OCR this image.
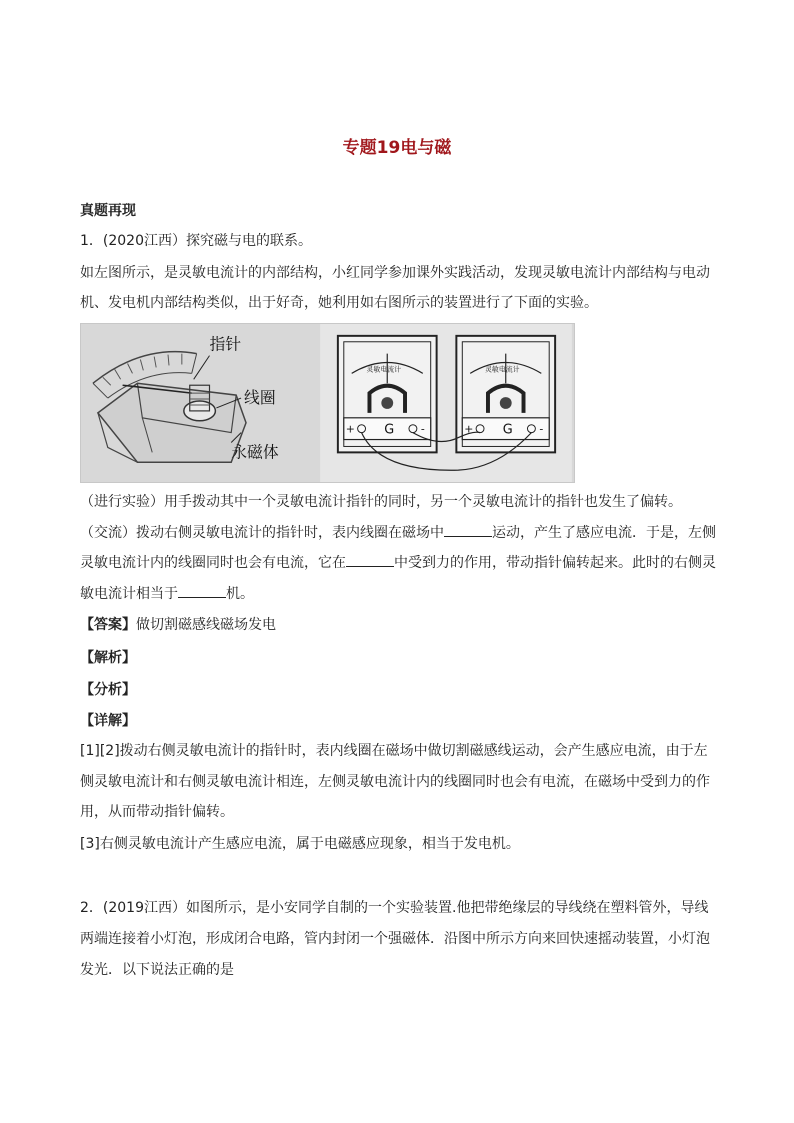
专题19电与磁
真题再现
1．(2020江西）探究磁与电的联系。
如左图所示，是灵敏电流计的内部结构，小红同学参加课外实践活动，发现灵敏电流计内部结构与电动
机、发电机内部结构类似，出于好奇，她利用如右图所示的装置进行了下面的实验。
指针
线圈
永磁体
G
+	-
灵敏电流计
G
+	-
灵敏电流计
（进行实验）用手拨动其中一个灵敏电流计指针的同时，另一个灵敏电流计的指针也发生了偏转。
（交流）拨动右侧灵敏电流计的指针时，表内线圈在磁场中	运动，产生了感应电流．于是，左侧
灵敏电流计内的线圈同时也会有电流，它在	中受到力的作用，带动指针偏转起来。此时的右侧灵
敏电流计相当于	机。
【答案】做切割磁感线磁场发电
【解析】
【分析】
【详解】
[1][2]拨动右侧灵敏电流计的指针时，表内线圈在磁场中做切割磁感线运动，会产生感应电流，由于左
侧灵敏电流计和右侧灵敏电流计相连，左侧灵敏电流计内的线圈同时也会有电流，在磁场中受到力的作
用，从而带动指针偏转。
[3]右侧灵敏电流计产生感应电流，属于电磁感应现象，相当于发电机。
2．(2019江西）如图所示，是小安同学自制的一个实验装置.他把带绝缘层的导线绕在塑料管外，导线
两端连接着小灯泡，形成闭合电路，管内封闭一个强磁体．沿图中所示方向来回快速摇动装置，小灯泡
发光．以下说法正确的是
